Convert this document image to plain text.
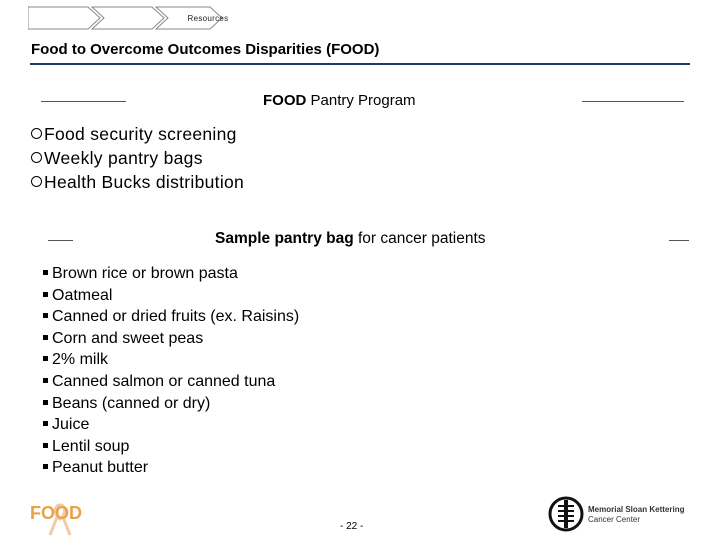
Resources
Food to Overcome Outcomes Disparities (FOOD)
FOOD Pantry Program
Food security screening
Weekly pantry bags
Health Bucks distribution
Sample pantry bag for cancer patients
Brown rice or brown pasta
Oatmeal
Canned or dried fruits (ex. Raisins)
Corn and sweet peas
2% milk
Canned salmon or canned tuna
Beans (canned or dry)
Juice
Lentil soup
Peanut butter
FOOD
- 22 -
Memorial Sloan Kettering
Cancer Center
